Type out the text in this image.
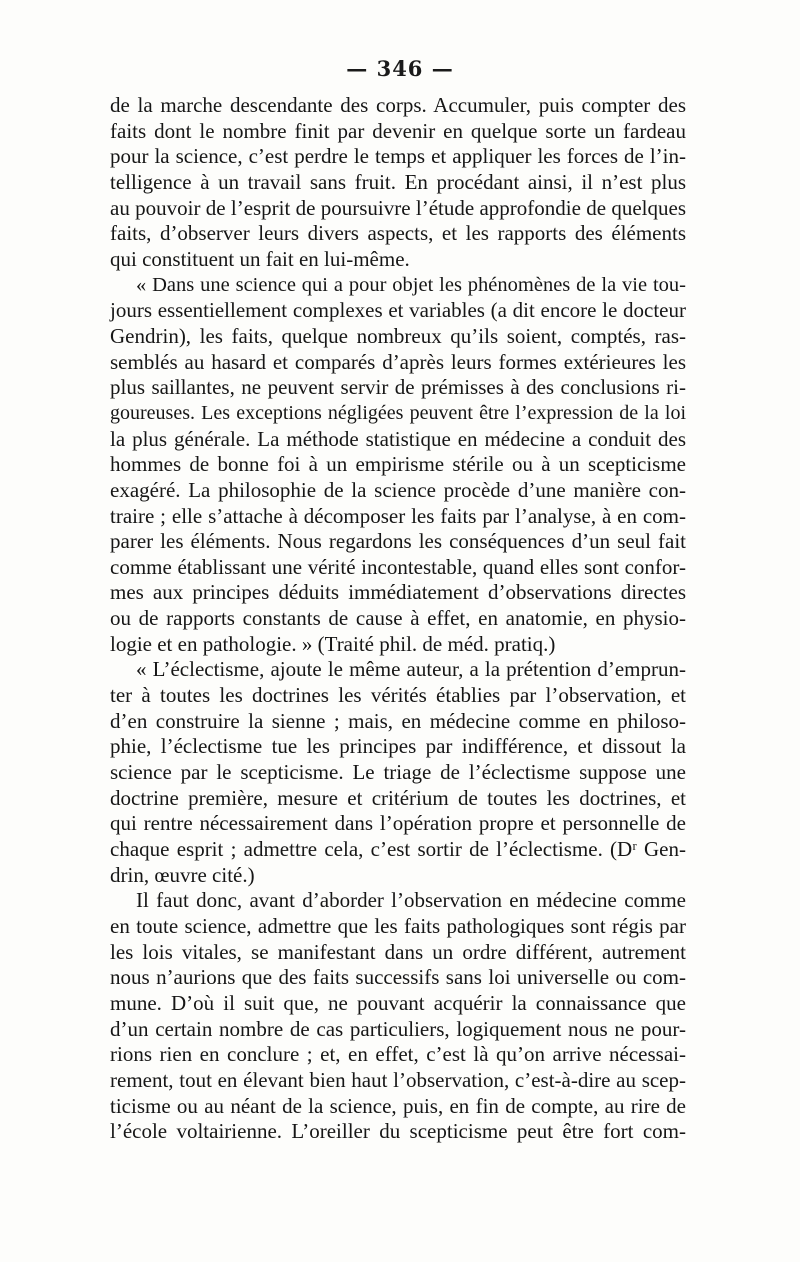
— 346 —
de la marche descendante des corps. Accumuler, puis compter des
faits dont le nombre finit par devenir en quelque sorte un fardeau
pour la science, c’est perdre le temps et appliquer les forces de l’in-
telligence à un travail sans fruit. En procédant ainsi, il n’est plus
au pouvoir de l’esprit de poursuivre l’étude approfondie de quelques
faits, d’observer leurs divers aspects, et les rapports des éléments
qui constituent un fait en lui-même.
« Dans une science qui a pour objet les phénomènes de la vie tou-
jours essentiellement complexes et variables (a dit encore le docteur
Gendrin), les faits, quelque nombreux qu’ils soient, comptés, ras-
semblés au hasard et comparés d’après leurs formes extérieures les
plus saillantes, ne peuvent servir de prémisses à des conclusions ri-
goureuses. Les exceptions négligées peuvent être l’expression de la loi
la plus générale. La méthode statistique en médecine a conduit des
hommes de bonne foi à un empirisme stérile ou à un scepticisme
exagéré. La philosophie de la science procède d’une manière con-
traire ; elle s’attache à décomposer les faits par l’analyse, à en com-
parer les éléments. Nous regardons les conséquences d’un seul fait
comme établissant une vérité incontestable, quand elles sont confor-
mes aux principes déduits immédiatement d’observations directes
ou de rapports constants de cause à effet, en anatomie, en physio-
logie et en pathologie. » (Traité phil. de méd. pratiq.)
« L’éclectisme, ajoute le même auteur, a la prétention d’emprun-
ter à toutes les doctrines les vérités établies par l’observation, et
d’en construire la sienne ; mais, en médecine comme en philoso-
phie, l’éclectisme tue les principes par indifférence, et dissout la
science par le scepticisme. Le triage de l’éclectisme suppose une
doctrine première, mesure et critérium de toutes les doctrines, et
qui rentre nécessairement dans l’opération propre et personnelle de
chaque esprit ; admettre cela, c’est sortir de l’éclectisme. (Dʳ Gen-
drin, œuvre cité.)
Il faut donc, avant d’aborder l’observation en médecine comme
en toute science, admettre que les faits pathologiques sont régis par
les lois vitales, se manifestant dans un ordre différent, autrement
nous n’aurions que des faits successifs sans loi universelle ou com-
mune. D’où il suit que, ne pouvant acquérir la connaissance que
d’un certain nombre de cas particuliers, logiquement nous ne pour-
rions rien en conclure ; et, en effet, c’est là qu’on arrive nécessai-
rement, tout en élevant bien haut l’observation, c’est-à-dire au scep-
ticisme ou au néant de la science, puis, en fin de compte, au rire de
l’école voltairienne. L’oreiller du scepticisme peut être fort com-
